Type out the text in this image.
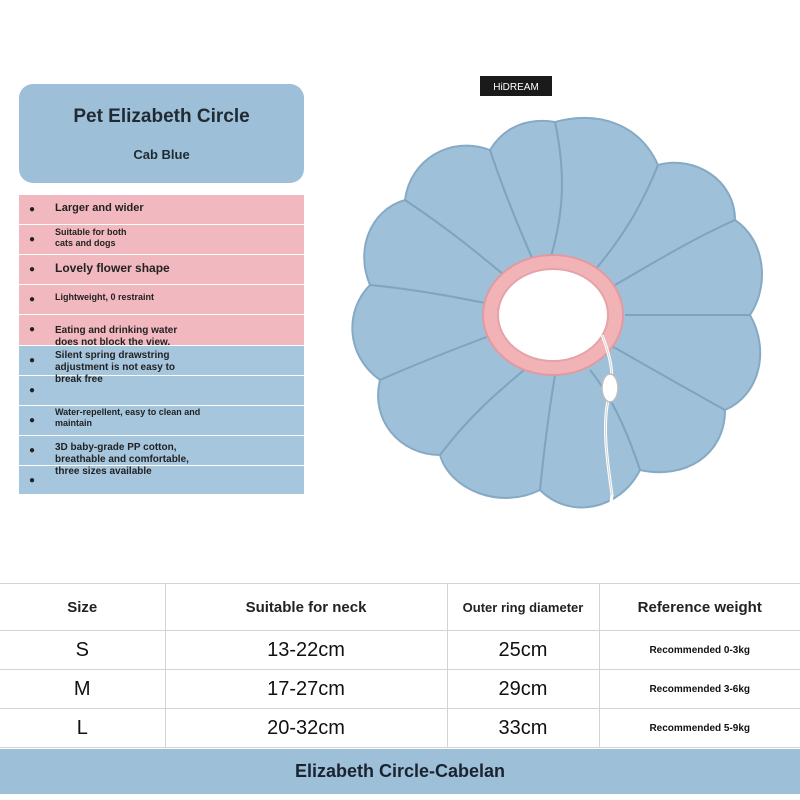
Pet Elizabeth Circle
Cab Blue
● Larger and wider
●
Suitable for both
cats and dogs
● Lovely flower shape
● Lightweight, 0 restraint
● Eating and drinking water
does not block the view.
● Silent spring drawstring
adjustment is not easy to
break free
●
●
Water-repellent, easy to clean and
maintain
● 3D baby-grade PP cotton,
breathable and comfortable,
three sizes available
●
HiDREAM
Size	Suitable for neck	Outer ring diameter	Reference weight
S	13-22cm	25cm	Recommended 0-3kg
M	17-27cm	29cm	Recommended 3-6kg
L	20-32cm	33cm	Recommended 5-9kg
Elizabeth Circle-Cabelan
